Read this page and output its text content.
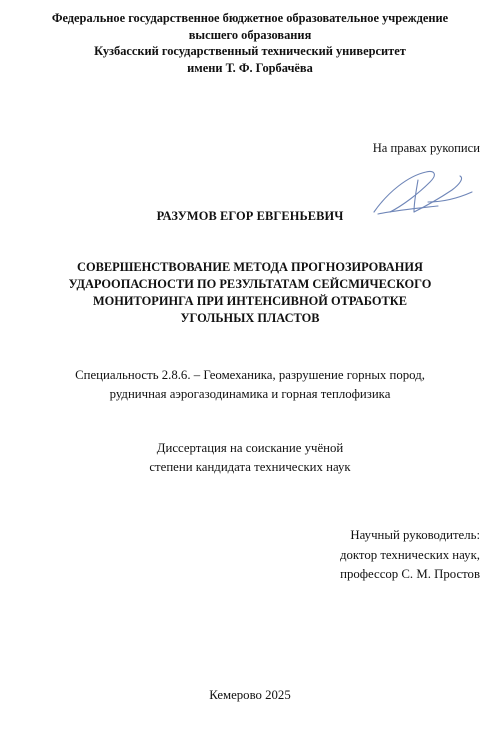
Федеральное государственное бюджетное образовательное учреждение
высшего образования
Кузбасский государственный технический университет
имени Т. Ф. Горбачёва
На правах рукописи
РАЗУМОВ ЕГОР ЕВГЕНЬЕВИЧ
СОВЕРШЕНСТВОВАНИЕ МЕТОДА ПРОГНОЗИРОВАНИЯ
УДАРООПАСНОСТИ ПО РЕЗУЛЬТАТАМ СЕЙСМИЧЕСКОГО
МОНИТОРИНГА ПРИ ИНТЕНСИВНОЙ ОТРАБОТКЕ
УГОЛЬНЫХ ПЛАСТОВ
Специальность 2.8.6. – Геомеханика, разрушение горных пород,
рудничная аэрогазодинамика и горная теплофизика
Диссертация на соискание учёной
степени кандидата технических наук
Научный руководитель:
доктор технических наук,
профессор С. М. Простов
Кемерово 2025
